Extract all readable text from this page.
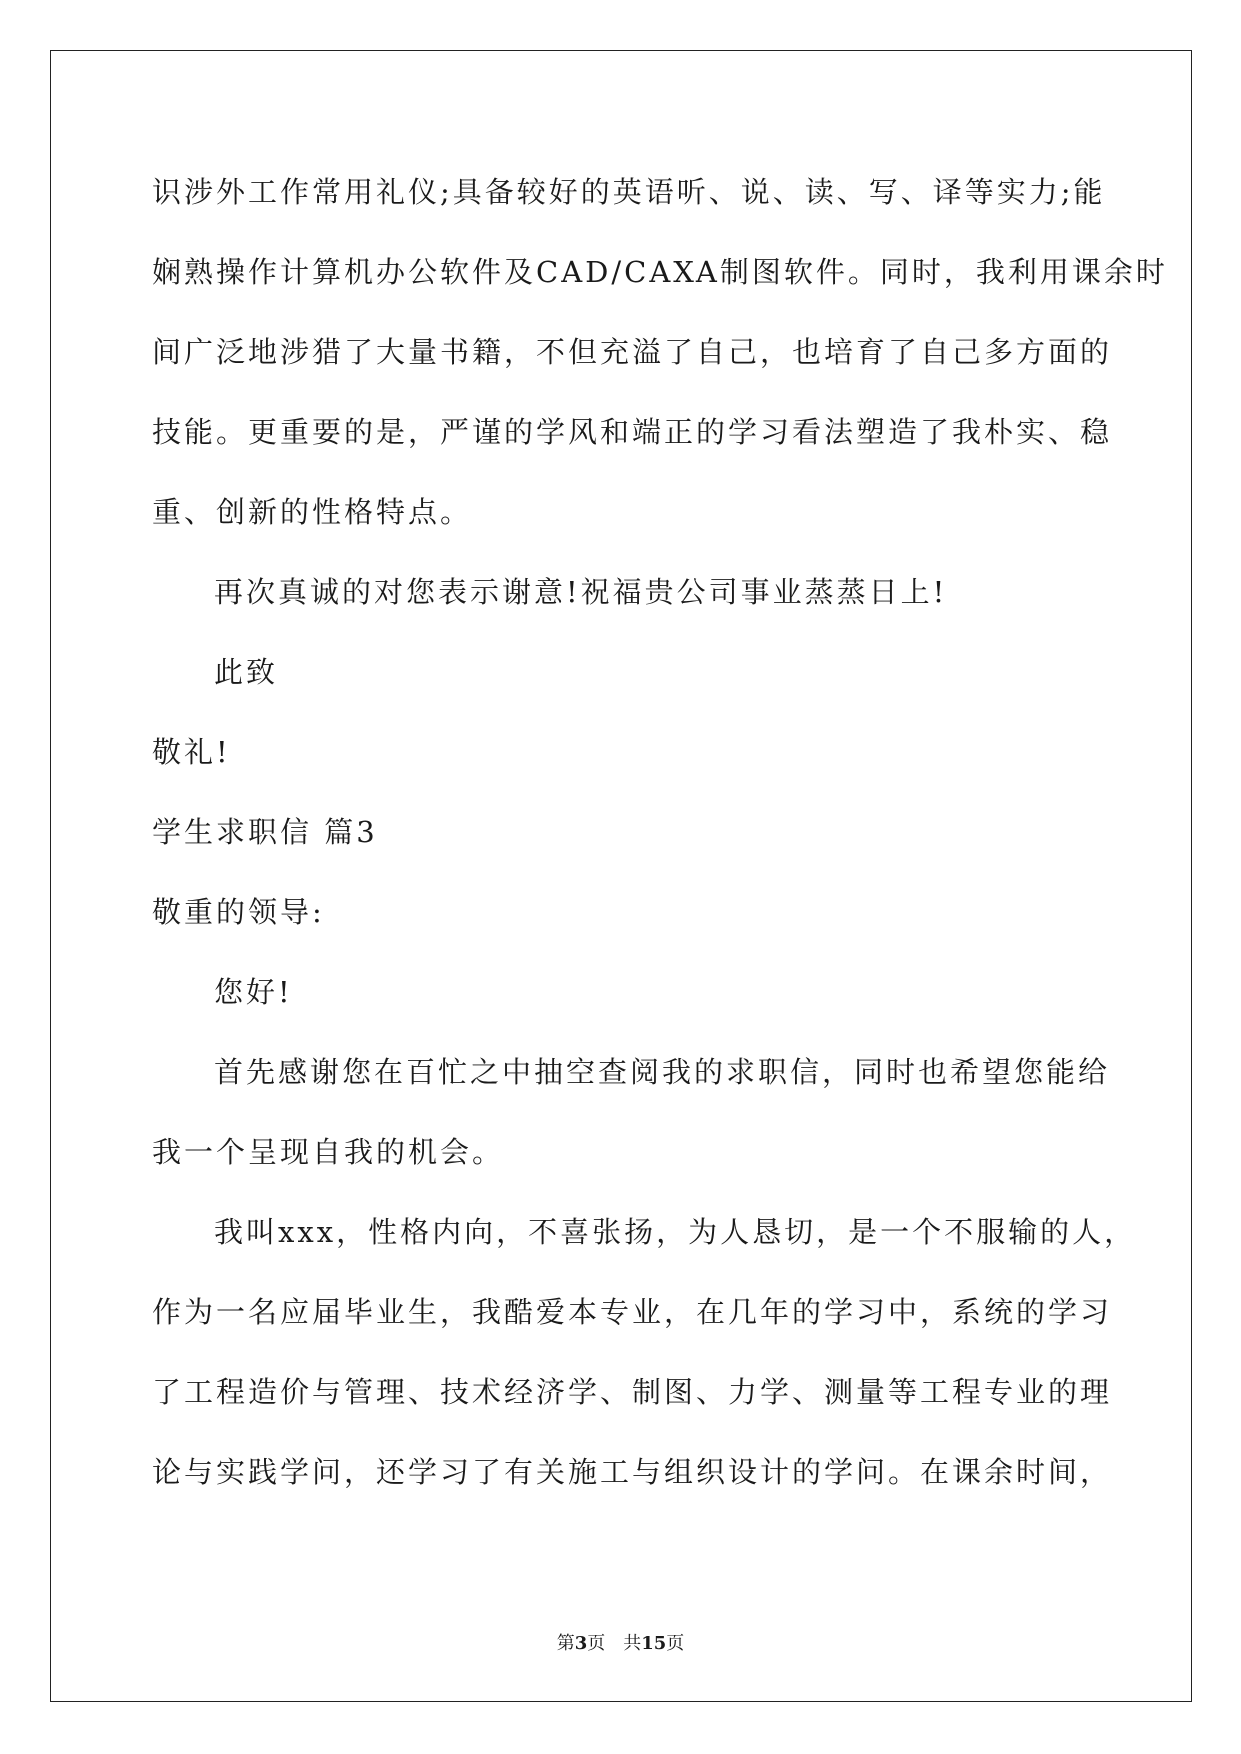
识涉外工作常用礼仪;具备较好的英语听、说、读、写、译等实力;能
娴熟操作计算机办公软件及CAD/CAXA制图软件。同时，我利用课余时
间广泛地涉猎了大量书籍，不但充溢了自己，也培育了自己多方面的
技能。更重要的是，严谨的学风和端正的学习看法塑造了我朴实、稳
重、创新的性格特点。
再次真诚的对您表示谢意!祝福贵公司事业蒸蒸日上!
此致
敬礼!
学生求职信 篇3
敬重的领导:
您好!
首先感谢您在百忙之中抽空查阅我的求职信，同时也希望您能给
我一个呈现自我的机会。
我叫xxx，性格内向，不喜张扬，为人恳切，是一个不服输的人，
作为一名应届毕业生，我酷爱本专业，在几年的学习中，系统的学习
了工程造价与管理、技术经济学、制图、力学、测量等工程专业的理
论与实践学问，还学习了有关施工与组织设计的学问。在课余时间，
第3页　共15页
